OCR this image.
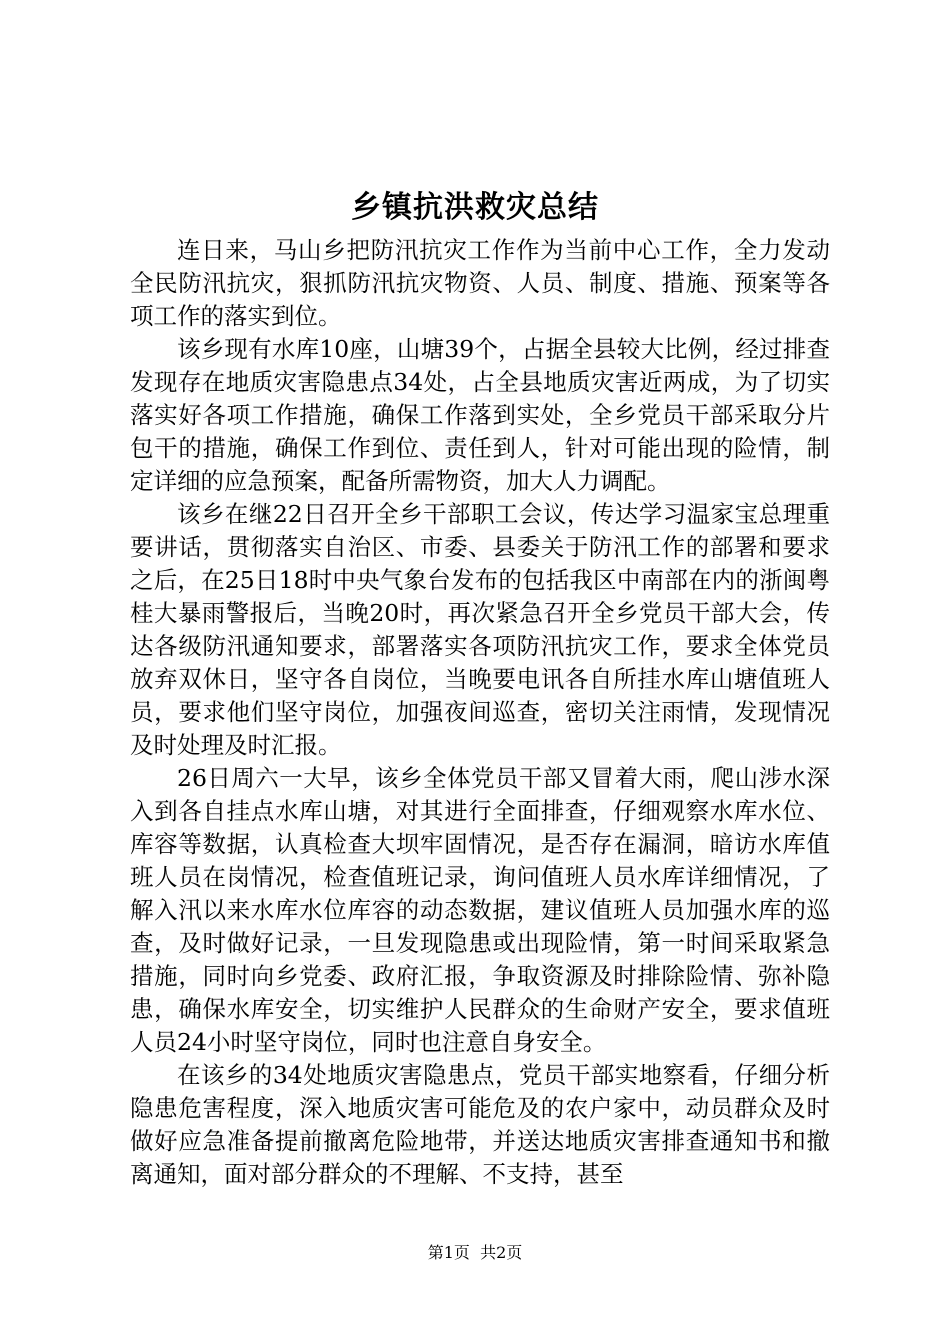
乡镇抗洪救灾总结

连日来，马山乡把防汛抗灾工作作为当前中心工作，全力发动全民防汛抗灾，狠抓防汛抗灾物资、人员、制度、措施、预案等各项工作的落实到位。

该乡现有水库10座，山塘39个，占据全县较大比例，经过排查发现存在地质灾害隐患点34处，占全县地质灾害近两成，为了切实落实好各项工作措施，确保工作落到实处，全乡党员干部采取分片包干的措施，确保工作到位、责任到人，针对可能出现的险情，制定详细的应急预案，配备所需物资，加大人力调配。

该乡在继22日召开全乡干部职工会议，传达学习温家宝总理重要讲话，贯彻落实自治区、市委、县委关于防汛工作的部署和要求之后，在25日18时中央气象台发布的包括我区中南部在内的浙闽粤桂大暴雨警报后，当晚20时，再次紧急召开全乡党员干部大会，传达各级防汛通知要求，部署落实各项防汛抗灾工作，要求全体党员放弃双休日，坚守各自岗位，当晚要电讯各自所挂水库山塘值班人员，要求他们坚守岗位，加强夜间巡查，密切关注雨情，发现情况及时处理及时汇报。

26日周六一大早，该乡全体党员干部又冒着大雨，爬山涉水深入到各自挂点水库山塘，对其进行全面排查，仔细观察水库水位、库容等数据，认真检查大坝牢固情况，是否存在漏洞，暗访水库值班人员在岗情况，检查值班记录，询问值班人员水库详细情况，了解入汛以来水库水位库容的动态数据，建议值班人员加强水库的巡查，及时做好记录，一旦发现隐患或出现险情，第一时间采取紧急措施，同时向乡党委、政府汇报，争取资源及时排除险情、弥补隐患，确保水库安全，切实维护人民群众的生命财产安全，要求值班人员24小时坚守岗位，同时也注意自身安全。

在该乡的34处地质灾害隐患点，党员干部实地察看，仔细分析隐患危害程度，深入地质灾害可能危及的农户家中，动员群众及时做好应急准备提前撤离危险地带，并送达地质灾害排查通知书和撤离通知，面对部分群众的不理解、不支持，甚至

第1页 共2页
